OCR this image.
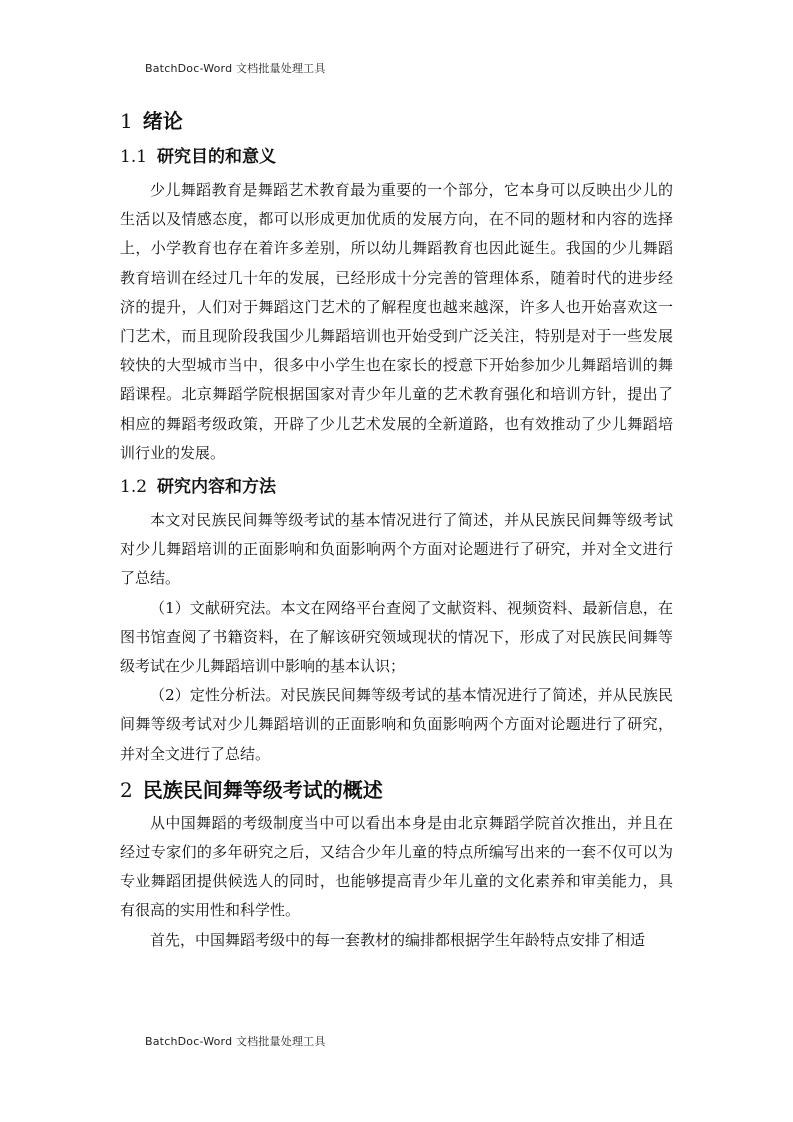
BatchDoc-Word 文档批量处理工具
1 绪论
1.1 研究目的和意义

少儿舞蹈教育是舞蹈艺术教育最为重要的一个部分，它本身可以反映出少儿的生活以及情感态度，都可以形成更加优质的发展方向，在不同的题材和内容的选择上，小学教育也存在着许多差别，所以幼儿舞蹈教育也因此诞生。我国的少儿舞蹈教育培训在经过几十年的发展，已经形成十分完善的管理体系，随着时代的进步经济的提升，人们对于舞蹈这门艺术的了解程度也越来越深，许多人也开始喜欢这一门艺术，而且现阶段我国少儿舞蹈培训也开始受到广泛关注，特别是对于一些发展较快的大型城市当中，很多中小学生也在家长的授意下开始参加少儿舞蹈培训的舞蹈课程。北京舞蹈学院根据国家对青少年儿童的艺术教育强化和培训方针，提出了相应的舞蹈考级政策，开辟了少儿艺术发展的全新道路，也有效推动了少儿舞蹈培训行业的发展。

1.2 研究内容和方法

本文对民族民间舞等级考试的基本情况进行了简述，并从民族民间舞等级考试对少儿舞蹈培训的正面影响和负面影响两个方面对论题进行了研究，并对全文进行了总结。

（1）文献研究法。本文在网络平台查阅了文献资料、视频资料、最新信息，在图书馆查阅了书籍资料，在了解该研究领域现状的情况下，形成了对民族民间舞等级考试在少儿舞蹈培训中影响的基本认识；

（2）定性分析法。对民族民间舞等级考试的基本情况进行了简述，并从民族民间舞等级考试对少儿舞蹈培训的正面影响和负面影响两个方面对论题进行了研究，并对全文进行了总结。

2 民族民间舞等级考试的概述

从中国舞蹈的考级制度当中可以看出本身是由北京舞蹈学院首次推出，并且在经过专家们的多年研究之后，又结合少年儿童的特点所编写出来的一套不仅可以为专业舞蹈团提供候选人的同时，也能够提高青少年儿童的文化素养和审美能力，具有很高的实用性和科学性。

首先，中国舞蹈考级中的每一套教材的编排都根据学生年龄特点安排了相适

BatchDoc-Word 文档批量处理工具
